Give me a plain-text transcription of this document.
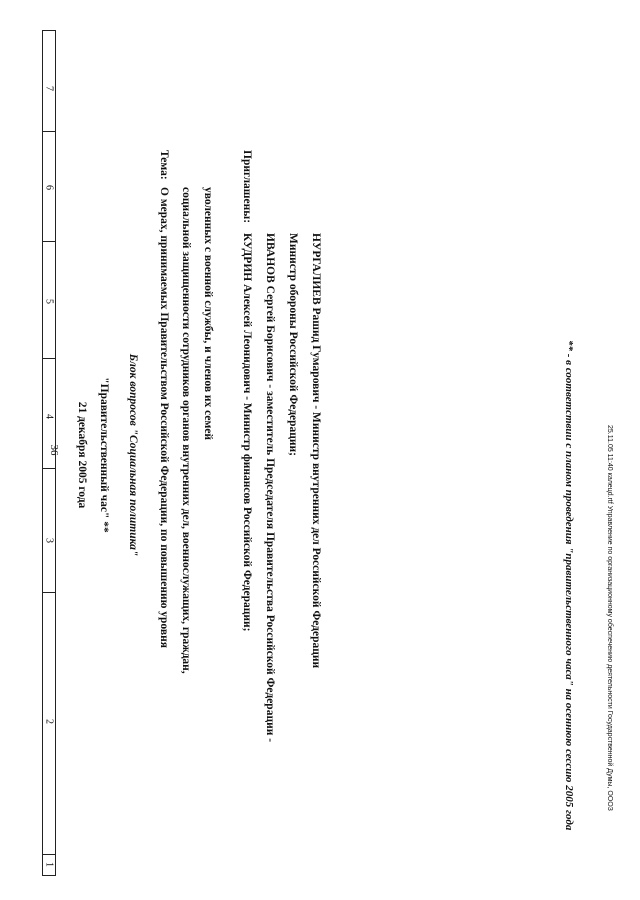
36
7
6
5
4
3
2
1
21 декабря 2005 года "Правительственный час" ** Блок вопросов "Социальная политика"
Тема:
О мерах, принимаемых Правительством Российской Федерации, по повышению уровня социальной защищенности сотрудников органов внутренних дел, военнослужащих, граждан, уволенных с военной службы, и членов их семей
Приглашены:
КУДРИН Алексей Леонидович - Министр финансов Российской Федерации; ИВАНОВ Сергей Борисович - заместитель Председателя Правительства Российской Федерации - Министр обороны Российской Федерации; НУРГАЛИЕВ Рашид Гумарович - Министр внутренних дел Российской Федерации	** - в соответствии с планом проведения "правительственного часа" на осеннюю сессию 2005 года	25.11.05 11:40 калецd.rtf Управление по организационному обеспечению деятельности Государственной Думы, ОООЗ
